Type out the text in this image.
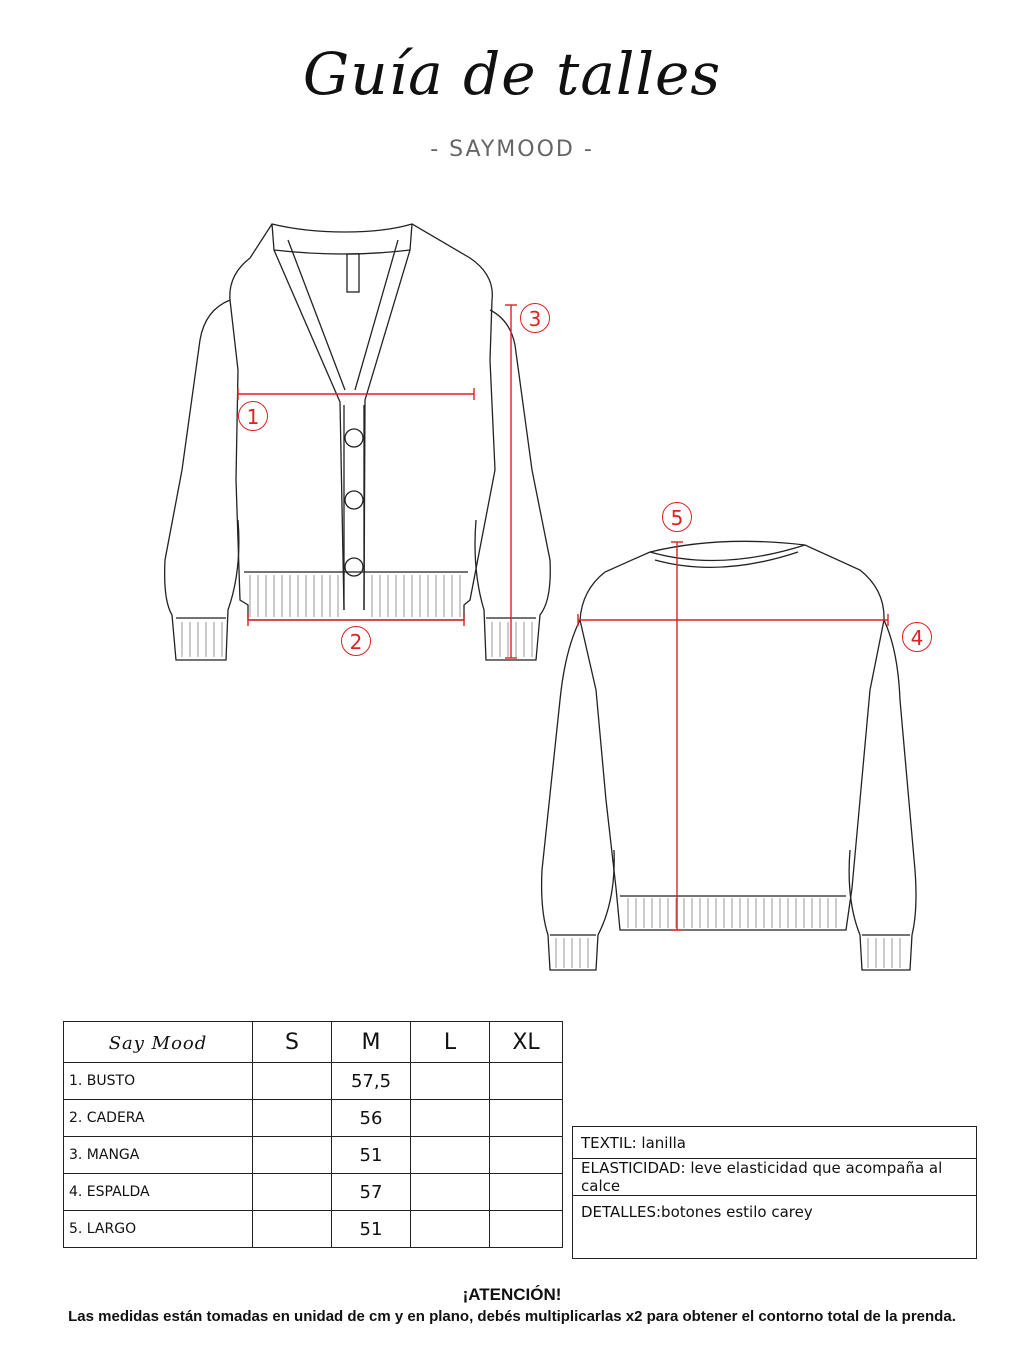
Guía de talles
- SAYMOOD -
1
2
3
4
5
Say Mood	S	M	L	XL
1. BUSTO		57,5		
2. CADERA		56		
3. MANGA		51		
4. ESPALDA		57		
5. LARGO		51		
TEXTIL: lanilla
ELASTICIDAD: leve elasticidad que acompaña al calce
DETALLES:botones estilo carey
¡ATENCIÓN!
Las medidas están tomadas en unidad de cm y en plano, debés multiplicarlas x2 para obtener el contorno total de la prenda.
